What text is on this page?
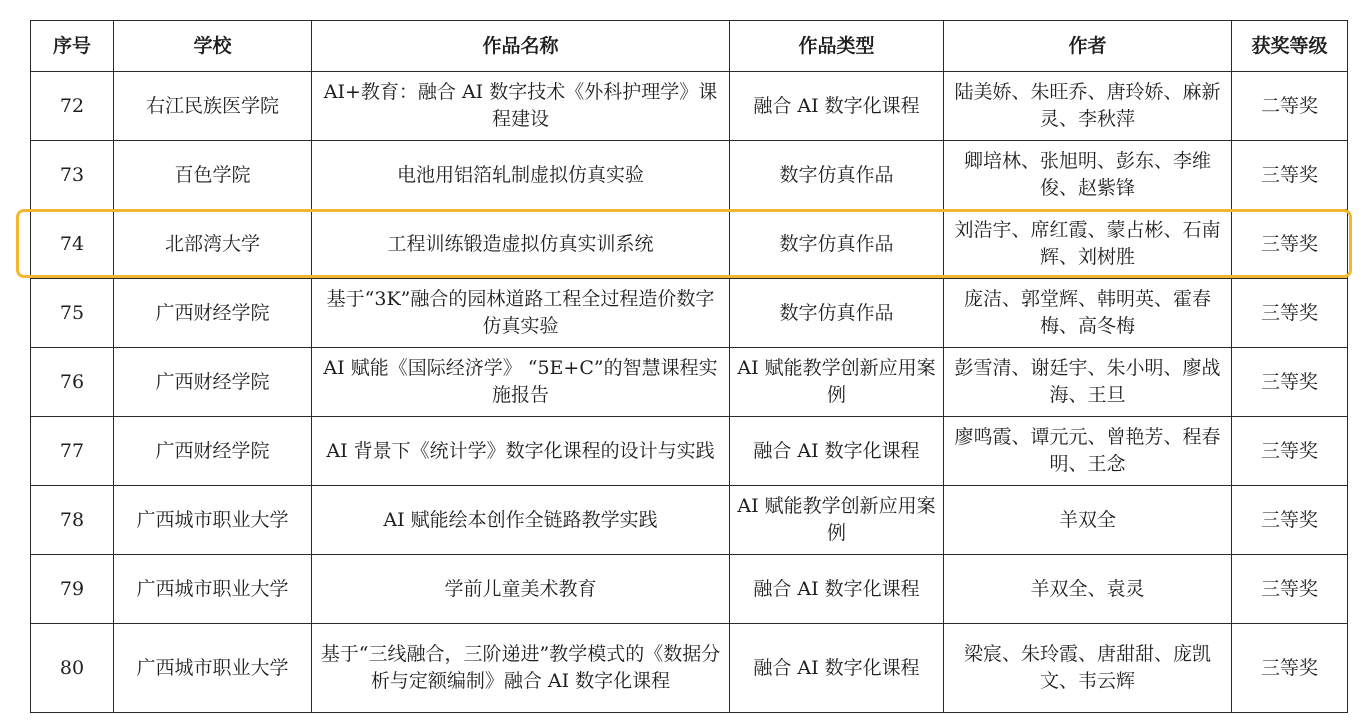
序号	学校	作品名称	作品类型	作者	获奖等级
72	右江民族医学院	AI+教育：融合 AI 数字技术《外科护理学》课程建设	融合 AI 数字化课程	陆美娇、朱旺乔、唐玲娇、麻新灵、李秋萍	二等奖
73	百色学院	电池用铝箔轧制虚拟仿真实验	数字仿真作品	卿培林、张旭明、彭东、李维俊、赵紫锋	三等奖
74	北部湾大学	工程训练锻造虚拟仿真实训系统	数字仿真作品	刘浩宇、席红霞、蒙占彬、石南辉、刘树胜	三等奖
75	广西财经学院	基于“3K”融合的园林道路工程全过程造价数字仿真实验	数字仿真作品	庞洁、郭堂辉、韩明英、霍春梅、高冬梅	三等奖
76	广西财经学院	AI 赋能《国际经济学》 “5E+C”的智慧课程实施报告	AI 赋能教学创新应用案例	彭雪清、谢廷宇、朱小明、廖战海、王旦	三等奖
77	广西财经学院	AI 背景下《统计学》数字化课程的设计与实践	融合 AI 数字化课程	廖鸣霞、谭元元、曾艳芳、程春明、王念	三等奖
78	广西城市职业大学	AI 赋能绘本创作全链路教学实践	AI 赋能教学创新应用案例	羊双全	三等奖
79	广西城市职业大学	学前儿童美术教育	融合 AI 数字化课程	羊双全、袁灵	三等奖
80	广西城市职业大学	基于“三线融合，三阶递进”教学模式的《数据分析与定额编制》融合 AI 数字化课程	融合 AI 数字化课程	梁宸、朱玲霞、唐甜甜、庞凯文、韦云辉	三等奖
